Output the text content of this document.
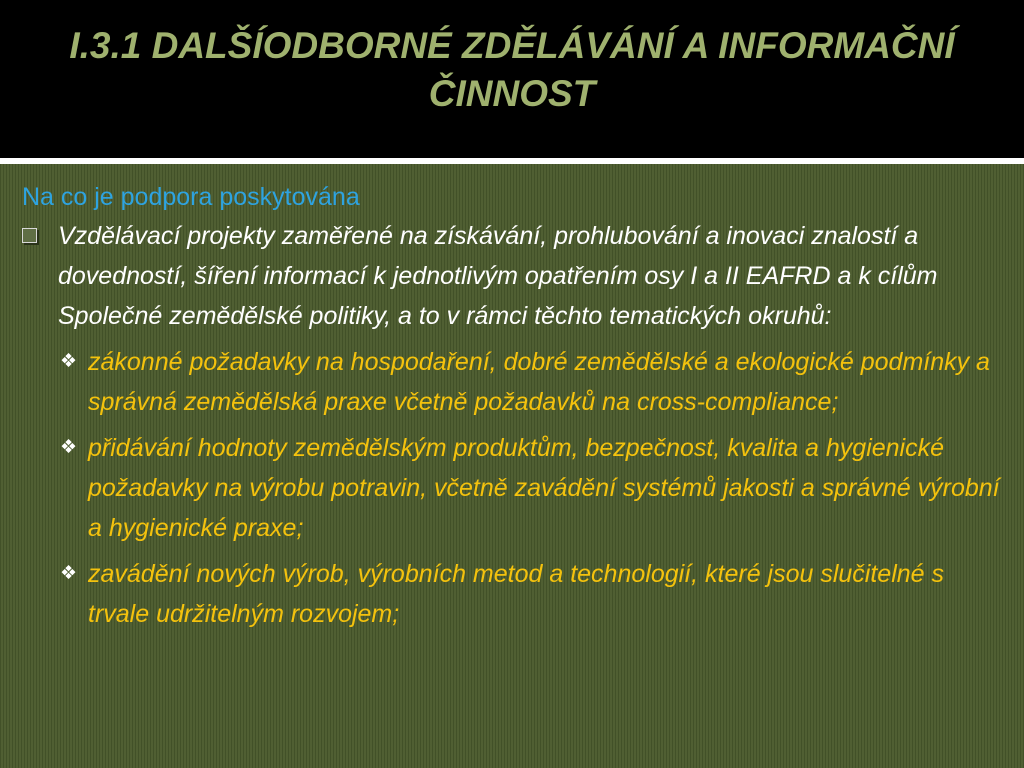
I.3.1 DALŠÍODBORNÉ ZDĚLÁVÁNÍ A INFORMAČNÍ ČINNOST

Na co je podpora poskytována

Vzdělávací projekty zaměřené na získávání, prohlubování a inovaci znalostí a dovedností, šíření informací k jednotlivým opatřením osy I a II EAFRD a k cílům Společné zemědělské politiky, a to v rámci těchto tematických okruhů:

❖ zákonné požadavky na hospodaření, dobré zemědělské a ekologické podmínky a správná zemědělská praxe včetně požadavků na cross-compliance;

❖ přidávání hodnoty zemědělským produktům, bezpečnost, kvalita a hygienické požadavky na výrobu potravin, včetně zavádění systémů jakosti a správné výrobní a hygienické praxe;

❖ zavádění nových výrob, výrobních metod a technologií, které jsou slučitelné s trvale udržitelným rozvojem;
